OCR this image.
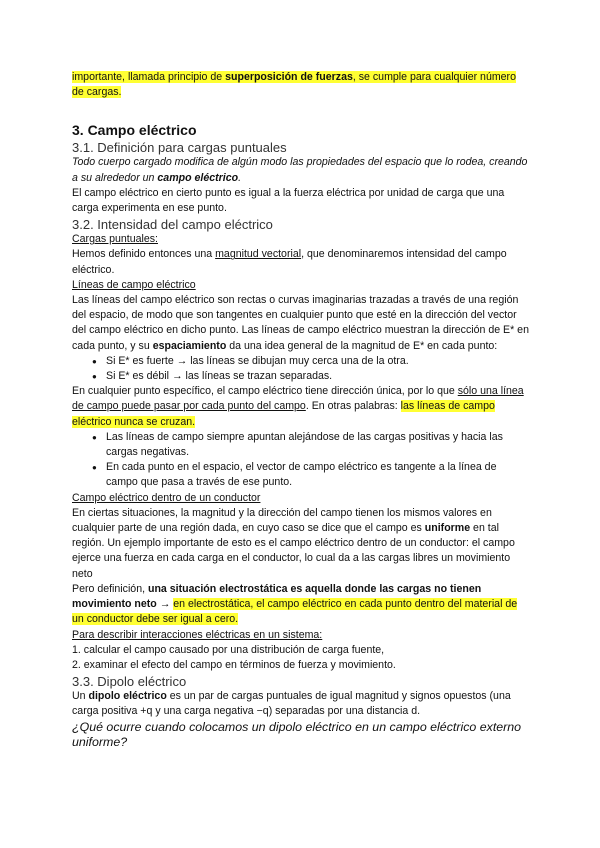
importante, llamada principio de superposición de fuerzas, se cumple para cualquier número de cargas.

3. Campo eléctrico
3.1. Definición para cargas puntuales

Todo cuerpo cargado modifica de algún modo las propiedades del espacio que lo rodea, creando a su alrededor un campo eléctrico.

El campo eléctrico en cierto punto es igual a la fuerza eléctrica por unidad de carga que una carga experimenta en ese punto.

3.2. Intensidad del campo eléctrico

Cargas puntuales:

Hemos definido entonces una magnitud vectorial, que denominaremos intensidad del campo eléctrico.

Líneas de campo eléctrico

Las líneas del campo eléctrico son rectas o curvas imaginarias trazadas a través de una región del espacio, de modo que son tangentes en cualquier punto que esté en la dirección del vector del campo eléctrico en dicho punto. Las líneas de campo eléctrico muestran la dirección de E* en cada punto, y su espaciamiento da una idea general de la magnitud de E* en cada punto:

● Si E* es fuerte → las líneas se dibujan muy cerca una de la otra.
● Si E* es débil → las líneas se trazan separadas.

En cualquier punto específico, el campo eléctrico tiene dirección única, por lo que sólo una línea de campo puede pasar por cada punto del campo. En otras palabras: las líneas de campo eléctrico nunca se cruzan.

● Las líneas de campo siempre apuntan alejándose de las cargas positivas y hacia las cargas negativas.
● En cada punto en el espacio, el vector de campo eléctrico es tangente a la línea de campo que pasa a través de ese punto.

Campo eléctrico dentro de un conductor

En ciertas situaciones, la magnitud y la dirección del campo tienen los mismos valores en cualquier parte de una región dada, en cuyo caso se dice que el campo es uniforme en tal región. Un ejemplo importante de esto es el campo eléctrico dentro de un conductor: el campo ejerce una fuerza en cada carga en el conductor, lo cual da a las cargas libres un movimiento neto

Pero definición, una situación electrostática es aquella donde las cargas no tienen movimiento neto → en electrostática, el campo eléctrico en cada punto dentro del material de un conductor debe ser igual a cero.

Para describir interacciones eléctricas en un sistema:

1. calcular el campo causado por una distribución de carga fuente,

2. examinar el efecto del campo en términos de fuerza y movimiento.

3.3. Dipolo eléctrico

Un dipolo eléctrico es un par de cargas puntuales de igual magnitud y signos opuestos (una carga positiva +q y una carga negativa −q) separadas por una distancia d.

¿Qué ocurre cuando colocamos un dipolo eléctrico en un campo eléctrico externo uniforme?
